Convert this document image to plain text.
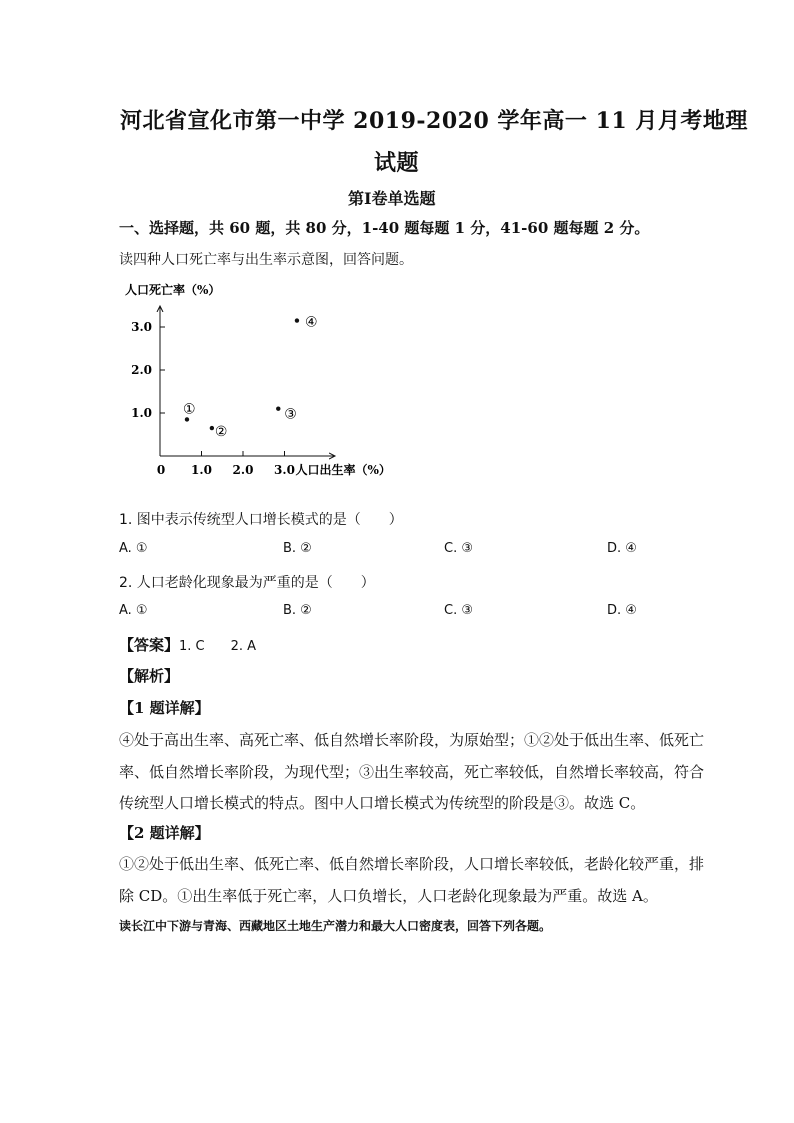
河北省宣化市第一中学 2019-2020 学年高一 11 月月考地理
试题
第Ⅰ卷单选题
一、选择题，共 60 题，共 80 分，1-40 题每题 1 分，41-60 题每题 2 分。
读四种人口死亡率与出生率示意图，回答问题。
人口死亡率（%）
0
1.0
2.0
3.0
1.0 2.0 3.0 人口出生率（%）
①
②
③
④
1. 图中表示传统型人口增长模式的是（　　）
A. ①	B. ②	C. ③	D. ④
2. 人口老龄化现象最为严重的是（　　）
A. ①	B. ②	C. ③	D. ④
【答案】1. C　　2. A
【解析】
【1 题详解】
④处于高出生率、高死亡率、低自然增长率阶段，为原始型；①②处于低出生率、低死亡
率、低自然增长率阶段，为现代型；③出生率较高，死亡率较低，自然增长率较高，符合
传统型人口增长模式的特点。图中人口增长模式为传统型的阶段是③。故选 C。
【2 题详解】
①②处于低出生率、低死亡率、低自然增长率阶段，人口增长率较低，老龄化较严重，排
除 CD。①出生率低于死亡率，人口负增长，人口老龄化现象最为严重。故选 A。
读长江中下游与青海、西藏地区土地生产潜力和最大人口密度表，回答下列各题。
